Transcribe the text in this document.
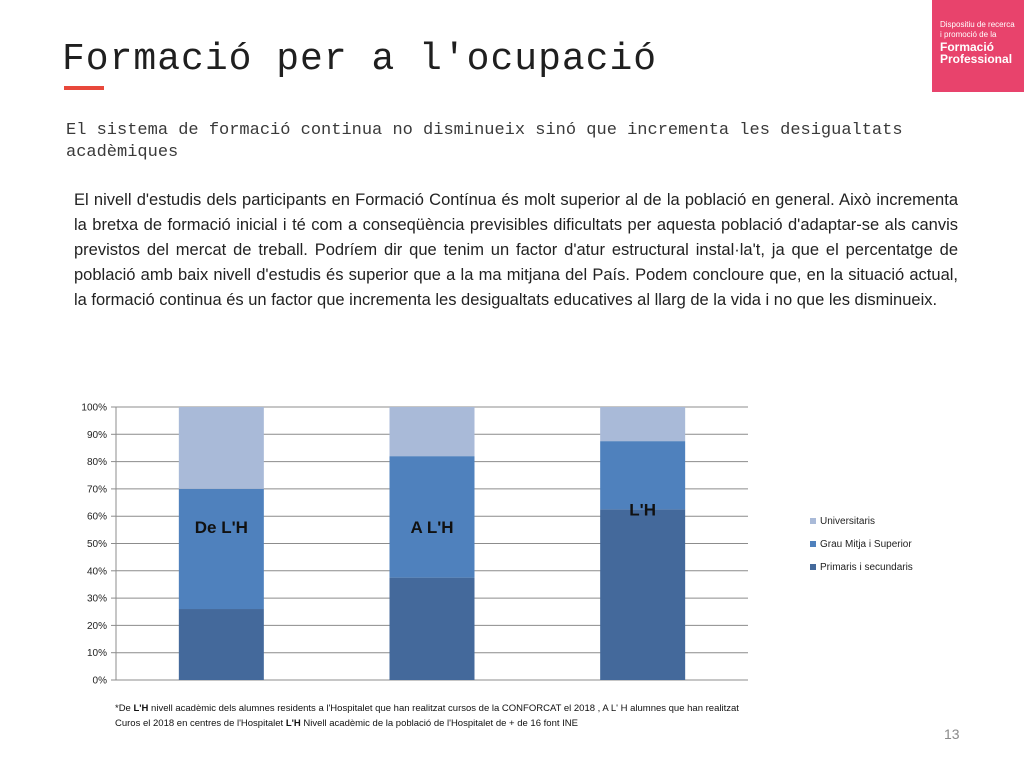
Formació per a l'ocupació
Dispositiu de recerca
i promoció de la
Formació
Professional

El sistema de formació continua no disminueix sinó que incrementa les desigualtats acadèmiques

El nivell d'estudis dels participants en Formació Contínua és molt superior al de la població en general. Això incrementa la bretxa de formació inicial i té com a conseqüència previsibles dificultats per aquesta població d'adaptar-se als canvis previstos del mercat de treball. Podríem dir que tenim un factor d'atur estructural instal·la't, ja que el percentatge de població amb baix nivell d'estudis és superior que a la ma mitjana del País. Podem concloure que, en la situació actual, la formació continua és un factor que incrementa les desigualtats educatives al llarg de la vida i no que les disminueix.

0%
10%
20%
30%
40%
50%
60%
70%
80%
90%
100%
De L'H	A L'H
L'H
Universitaris
Grau Mitja i Superior
Primaris i secundaris
*De L'H nivell acadèmic dels alumnes residents a l'Hospitalet que han realitzat cursos de la CONFORCAT el 2018 , A L' H alumnes que han realitzat
Curos el 2018 en centres de l'Hospitalet L'H Nivell acadèmic de la població de l'Hospitalet de + de 16 font INE
13
